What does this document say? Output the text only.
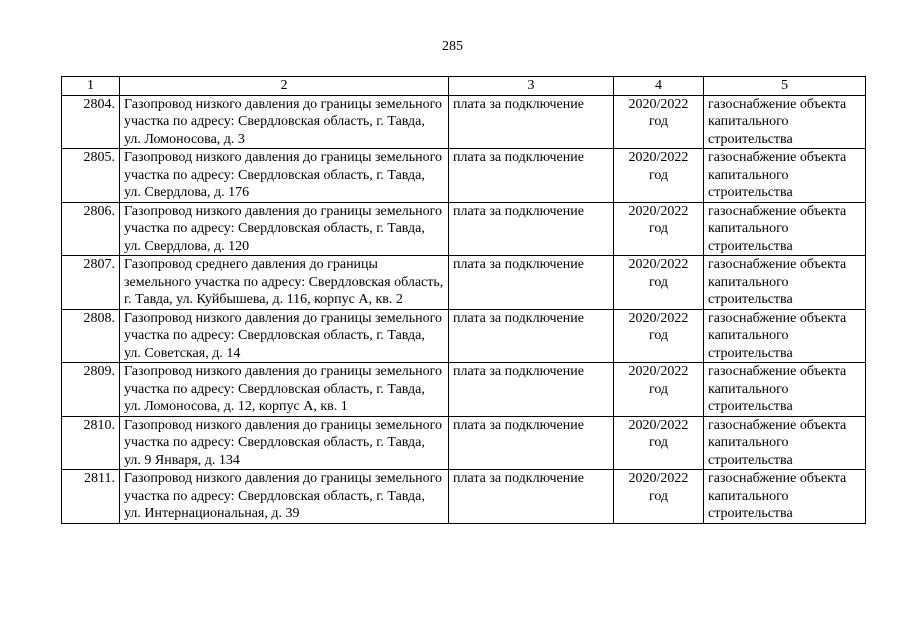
285
1	2	3	4	5
2804.	Газопровод низкого давления до границы земельного участка по адресу: Свердловская область, г. Тавда, ул. Ломоносова, д. 3	плата за подключение	2020/2022 год	газоснабжение объекта капитального строительства
2805.	Газопровод низкого давления до границы земельного участка по адресу: Свердловская область, г. Тавда, ул. Свердлова, д. 176	плата за подключение	2020/2022 год	газоснабжение объекта капитального строительства
2806.	Газопровод низкого давления до границы земельного участка по адресу: Свердловская область, г. Тавда, ул. Свердлова, д. 120	плата за подключение	2020/2022 год	газоснабжение объекта капитального строительства
2807.	Газопровод среднего давления до границы земельного участка по адресу: Свердловская область, г. Тавда, ул. Куйбышева, д. 116, корпус А, кв. 2	плата за подключение	2020/2022 год	газоснабжение объекта капитального строительства
2808.	Газопровод низкого давления до границы земельного участка по адресу: Свердловская область, г. Тавда, ул. Советская, д. 14	плата за подключение	2020/2022 год	газоснабжение объекта капитального строительства
2809.	Газопровод низкого давления до границы земельного участка по адресу: Свердловская область, г. Тавда, ул. Ломоносова, д. 12, корпус А, кв. 1	плата за подключение	2020/2022 год	газоснабжение объекта капитального строительства
2810.	Газопровод низкого давления до границы земельного участка по адресу: Свердловская область, г. Тавда, ул. 9 Января, д. 134	плата за подключение	2020/2022 год	газоснабжение объекта капитального строительства
2811.	Газопровод низкого давления до границы земельного участка по адресу: Свердловская область, г. Тавда, ул. Интернациональная, д. 39	плата за подключение	2020/2022 год	газоснабжение объекта капитального строительства
